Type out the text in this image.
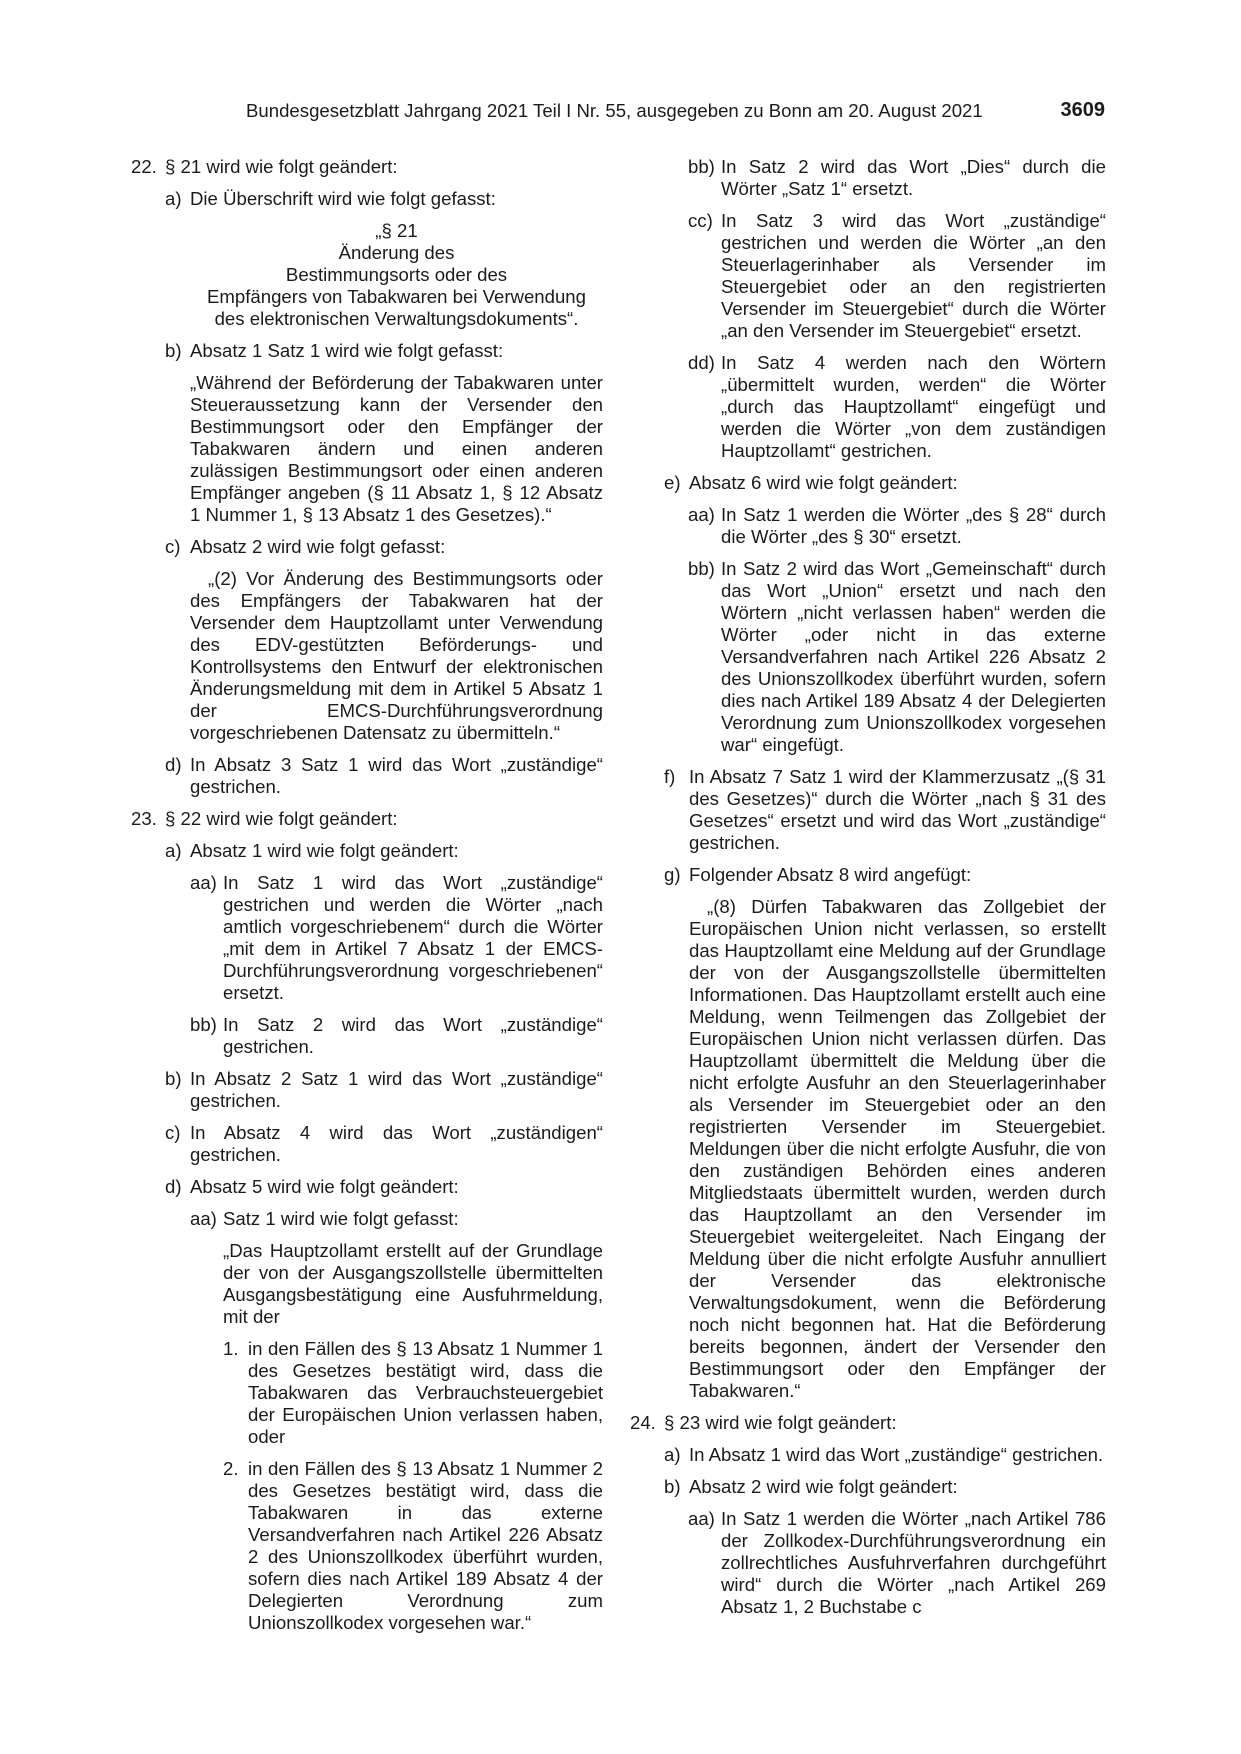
Bundesgesetzblatt Jahrgang 2021 Teil I Nr. 55, ausgegeben zu Bonn am 20. August 2021	3609
22. § 21 wird wie folgt geändert:
a) Die Überschrift wird wie folgt gefasst:
„§ 21
Änderung des
Bestimmungsorts oder des
Empfängers von Tabakwaren bei Verwendung
des elektronischen Verwaltungsdokuments“.
b) Absatz 1 Satz 1 wird wie folgt gefasst:
„Während der Beförderung der Tabakwaren unter Steueraussetzung kann der Versender den Bestimmungsort oder den Empfänger der Tabakwaren ändern und einen anderen zulässigen Bestimmungsort oder einen anderen Empfänger angeben (§ 11 Absatz 1, § 12 Absatz 1 Nummer 1, § 13 Absatz 1 des Gesetzes).“
c) Absatz 2 wird wie folgt gefasst:
„(2) Vor Änderung des Bestimmungsorts oder des Empfängers der Tabakwaren hat der Versender dem Hauptzollamt unter Verwendung des EDV-gestützten Beförderungs- und Kontrollsystems den Entwurf der elektronischen Änderungsmeldung mit dem in Artikel 5 Absatz 1 der EMCS-Durchführungsverordnung vorgeschriebenen Datensatz zu übermitteln.“
d) In Absatz 3 Satz 1 wird das Wort „zuständige“ gestrichen.
23. § 22 wird wie folgt geändert:
a) Absatz 1 wird wie folgt geändert:
aa) In Satz 1 wird das Wort „zuständige“ gestrichen und werden die Wörter „nach amtlich vorgeschriebenem“ durch die Wörter „mit dem in Artikel 7 Absatz 1 der EMCS-Durchführungsverordnung vorgeschriebenen“ ersetzt.
bb) In Satz 2 wird das Wort „zuständige“ gestrichen.
b) In Absatz 2 Satz 1 wird das Wort „zuständige“ gestrichen.
c) In Absatz 4 wird das Wort „zuständigen“ gestrichen.
d) Absatz 5 wird wie folgt geändert:
aa) Satz 1 wird wie folgt gefasst:
„Das Hauptzollamt erstellt auf der Grundlage der von der Ausgangszollstelle übermittelten Ausgangsbestätigung eine Ausfuhrmeldung, mit der
1. in den Fällen des § 13 Absatz 1 Nummer 1 des Gesetzes bestätigt wird, dass die Tabakwaren das Verbrauchsteuergebiet der Europäischen Union verlassen haben, oder
2. in den Fällen des § 13 Absatz 1 Nummer 2 des Gesetzes bestätigt wird, dass die Tabakwaren in das externe Versandverfahren nach Artikel 226 Absatz 2 des Unionszollkodex überführt wurden, sofern dies nach Artikel 189 Absatz 4 der Delegierten Verordnung zum Unionszollkodex vorgesehen war.“
bb) In Satz 2 wird das Wort „Dies“ durch die Wörter „Satz 1“ ersetzt.
cc) In Satz 3 wird das Wort „zuständige“ gestrichen und werden die Wörter „an den Steuerlagerinhaber als Versender im Steuergebiet oder an den registrierten Versender im Steuergebiet“ durch die Wörter „an den Versender im Steuergebiet“ ersetzt.
dd) In Satz 4 werden nach den Wörtern „übermittelt wurden, werden“ die Wörter „durch das Hauptzollamt“ eingefügt und werden die Wörter „von dem zuständigen Hauptzollamt“ gestrichen.
e) Absatz 6 wird wie folgt geändert:
aa) In Satz 1 werden die Wörter „des § 28“ durch die Wörter „des § 30“ ersetzt.
bb) In Satz 2 wird das Wort „Gemeinschaft“ durch das Wort „Union“ ersetzt und nach den Wörtern „nicht verlassen haben“ werden die Wörter „oder nicht in das externe Versandverfahren nach Artikel 226 Absatz 2 des Unionszollkodex überführt wurden, sofern dies nach Artikel 189 Absatz 4 der Delegierten Verordnung zum Unionszollkodex vorgesehen war“ eingefügt.
f) In Absatz 7 Satz 1 wird der Klammerzusatz „(§ 31 des Gesetzes)“ durch die Wörter „nach § 31 des Gesetzes“ ersetzt und wird das Wort „zuständige“ gestrichen.
g) Folgender Absatz 8 wird angefügt:
„(8) Dürfen Tabakwaren das Zollgebiet der Europäischen Union nicht verlassen, so erstellt das Hauptzollamt eine Meldung auf der Grundlage der von der Ausgangszollstelle übermittelten Informationen. Das Hauptzollamt erstellt auch eine Meldung, wenn Teilmengen das Zollgebiet der Europäischen Union nicht verlassen dürfen. Das Hauptzollamt übermittelt die Meldung über die nicht erfolgte Ausfuhr an den Steuerlagerinhaber als Versender im Steuergebiet oder an den registrierten Versender im Steuergebiet. Meldungen über die nicht erfolgte Ausfuhr, die von den zuständigen Behörden eines anderen Mitgliedstaats übermittelt wurden, werden durch das Hauptzollamt an den Versender im Steuergebiet weitergeleitet. Nach Eingang der Meldung über die nicht erfolgte Ausfuhr annulliert der Versender das elektronische Verwaltungsdokument, wenn die Beförderung noch nicht begonnen hat. Hat die Beförderung bereits begonnen, ändert der Versender den Bestimmungsort oder den Empfänger der Tabakwaren.“
24. § 23 wird wie folgt geändert:
a) In Absatz 1 wird das Wort „zuständige“ gestrichen.
b) Absatz 2 wird wie folgt geändert:
aa) In Satz 1 werden die Wörter „nach Artikel 786 der Zollkodex-Durchführungsverordnung ein zollrechtliches Ausfuhrverfahren durchgeführt wird“ durch die Wörter „nach Artikel 269 Absatz 1, 2 Buchstabe c
